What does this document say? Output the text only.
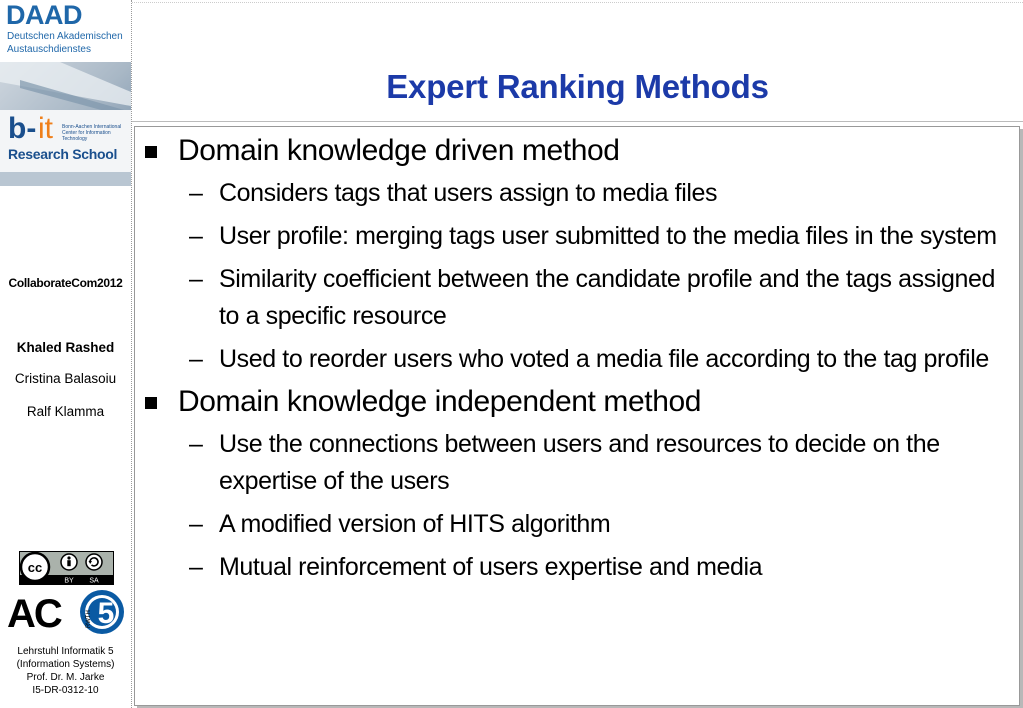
DAAD
Deutschen Akademischen
Austauschdienstes
b- it Bonn-Aachen International Center for Information Technology
Research School
CollaborateCom2012
Khaled Rashed
Cristina Balasoiu
Ralf Klamma
cc
BY SA
AC 5
RWTH
Lehrstuhl Informatik 5
(Information Systems)
Prof. Dr. M. Jarke
I5-DR-0312-10
Expert Ranking Methods
Domain knowledge driven method
– Considers tags that users assign to media files
– User profile: merging tags user submitted to the media files in the system
– Similarity coefficient between the candidate profile and the tags assigned to a specific resource
– Used to reorder users who voted a media file according to the tag profile
Domain knowledge independent method
– Use the connections between users and resources to decide on the expertise of the users
– A modified version of HITS algorithm
– Mutual reinforcement of users expertise and media
